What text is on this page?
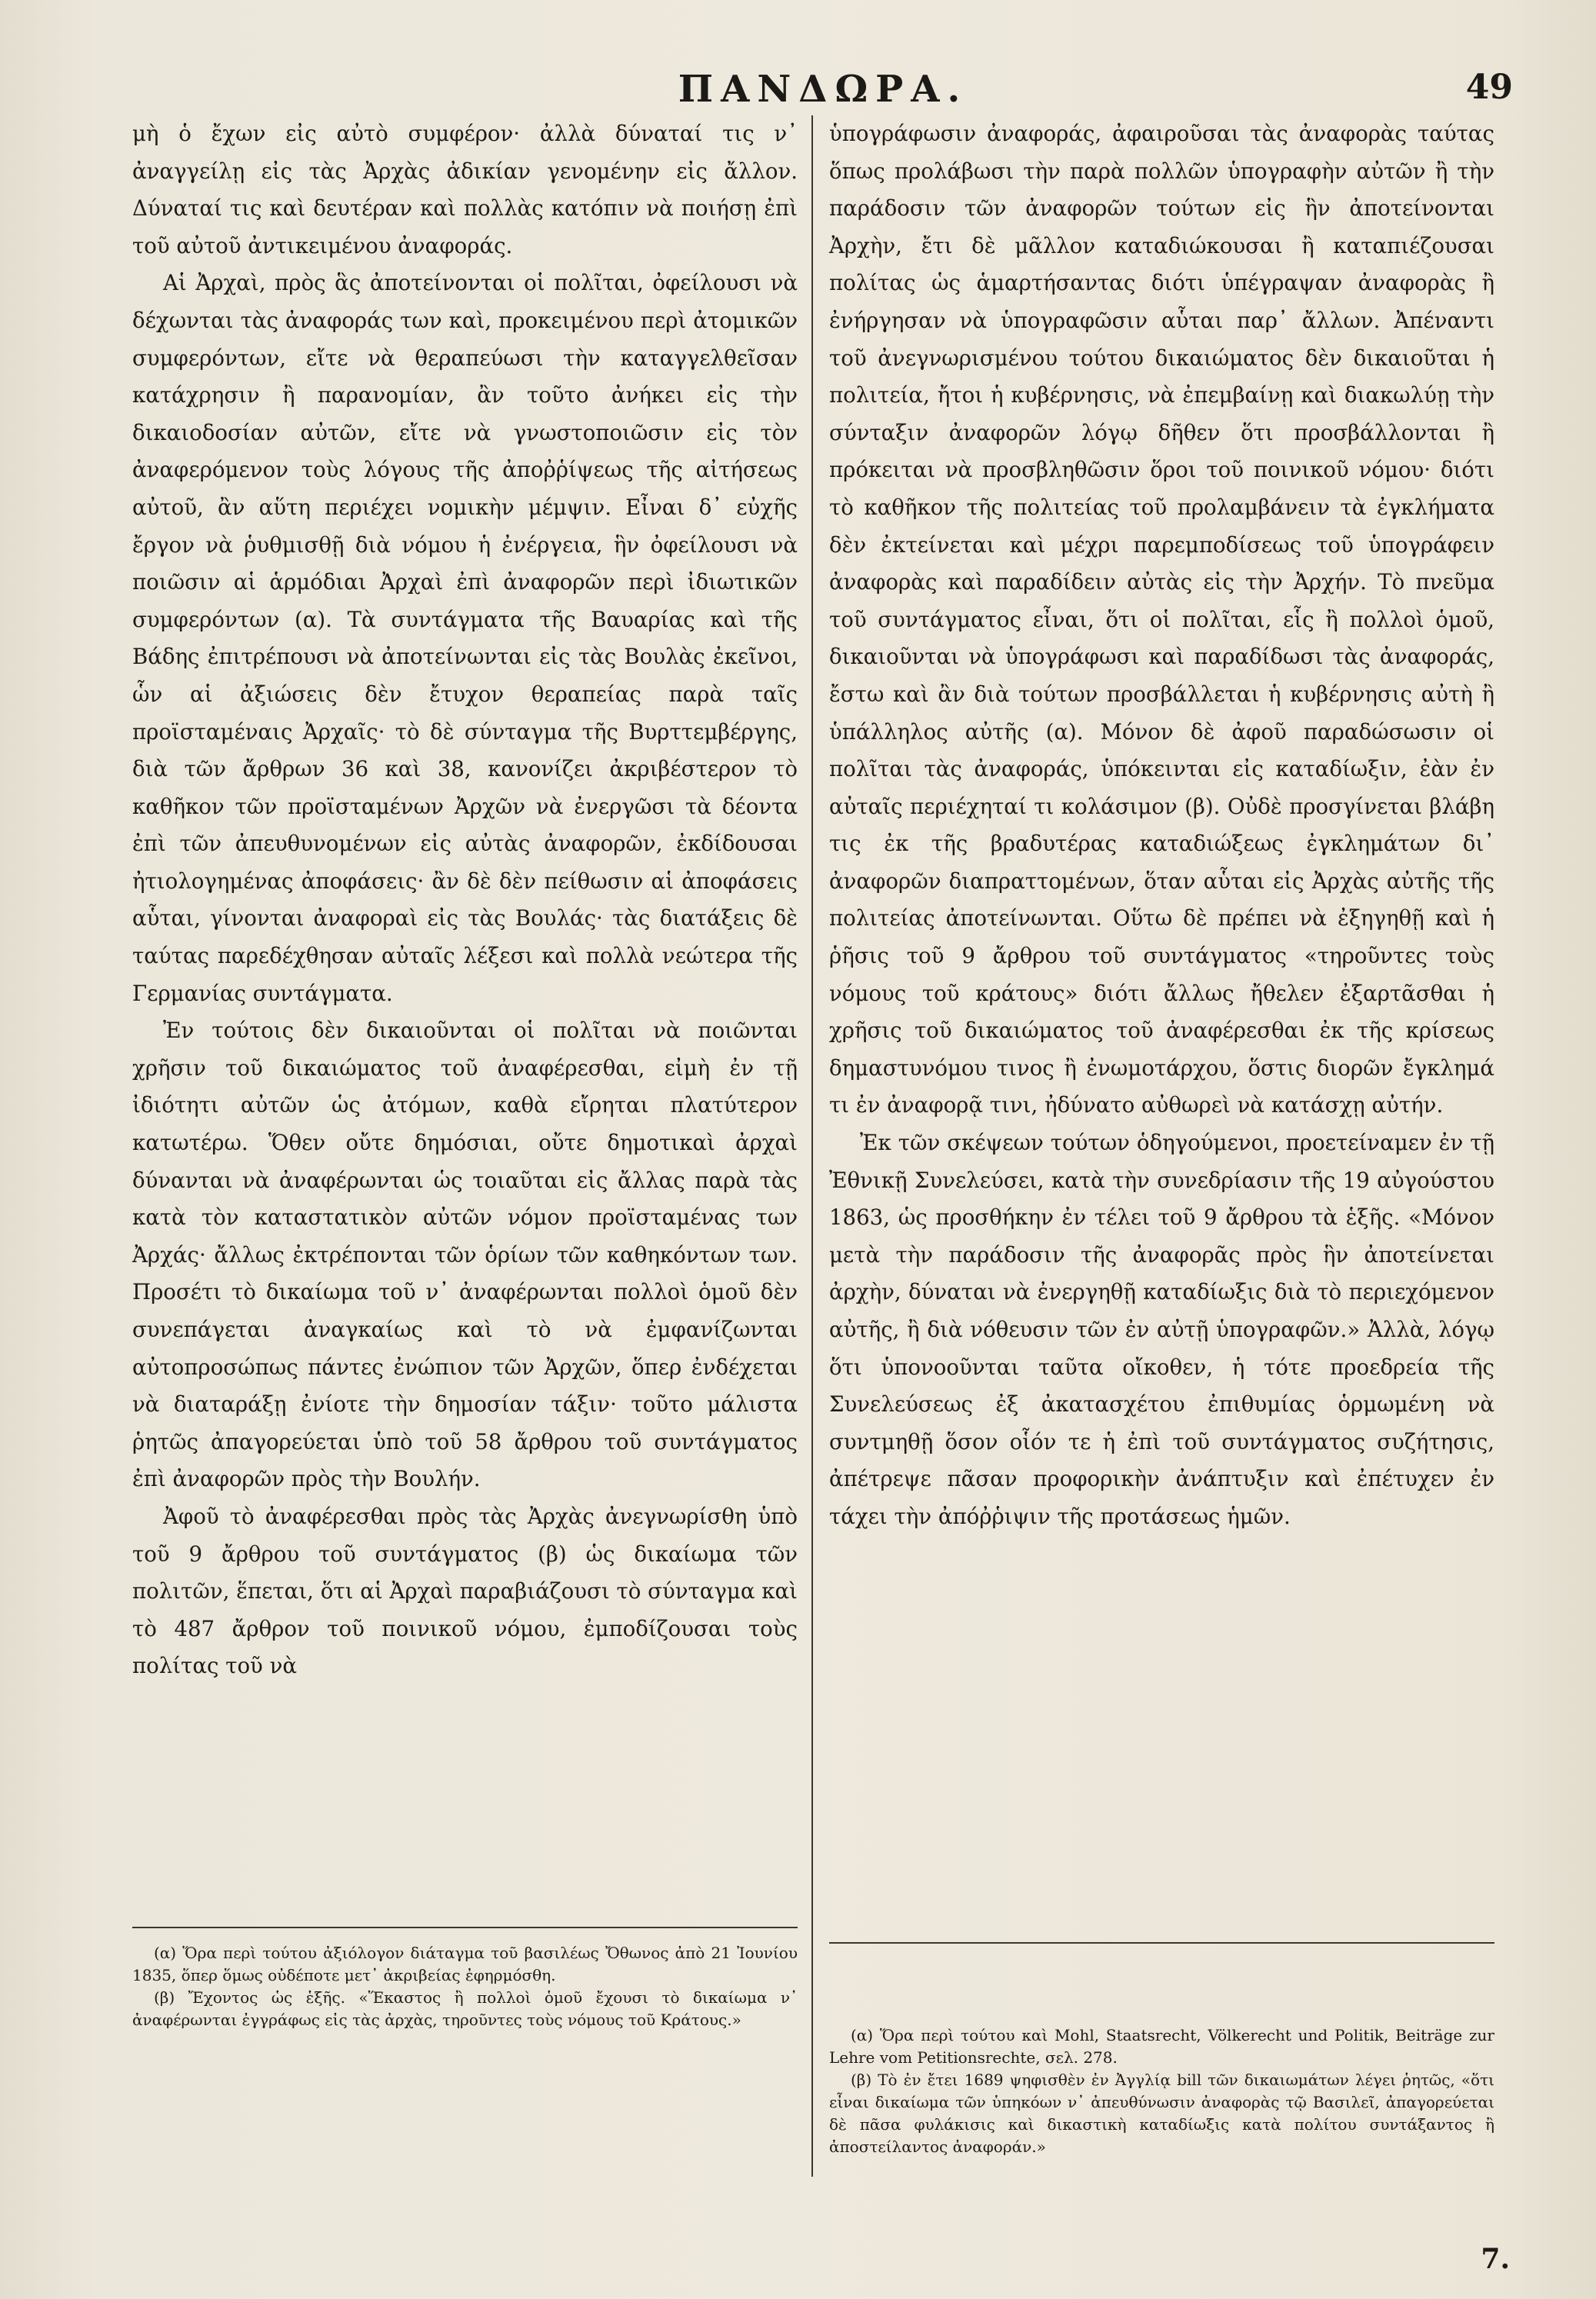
ΠΑΝΔΩΡΑ.	49

μὴ ὁ ἔχων εἰς αὐτὸ συμφέρον· ἀλλὰ δύναταί τις ν᾽ ἀναγγείλῃ εἰς τὰς Ἀρχὰς ἀδικίαν γενομένην εἰς ἄλλον. Δύναταί τις καὶ δευτέραν καὶ πολλὰς κατόπιν νὰ ποιήσῃ ἐπὶ τοῦ αὐτοῦ ἀντικειμένου ἀναφοράς.

Αἱ Ἀρχαὶ, πρὸς ἃς ἀποτείνονται οἱ πολῖται, ὀφείλουσι νὰ δέχωνται τὰς ἀναφοράς των καὶ, προκειμένου περὶ ἀτομικῶν συμφερόντων, εἴτε νὰ θεραπεύωσι τὴν καταγγελθεῖσαν κατάχρησιν ἢ παρανομίαν, ἂν τοῦτο ἀνήκει εἰς τὴν δικαιοδοσίαν αὐτῶν, εἴτε νὰ γνωστοποιῶσιν εἰς τὸν ἀναφερόμενον τοὺς λόγους τῆς ἀποῤῥίψεως τῆς αἰτήσεως αὐτοῦ, ἂν αὕτη περιέχει νομικὴν μέμψιν. Εἶναι δ᾽ εὐχῆς ἔργον νὰ ῥυθμισθῇ διὰ νόμου ἡ ἐνέργεια, ἣν ὀφείλουσι νὰ ποιῶσιν αἱ ἁρμόδιαι Ἀρχαὶ ἐπὶ ἀναφορῶν περὶ ἰδιωτικῶν συμφερόντων (α). Τὰ συντάγματα τῆς Βαυαρίας καὶ τῆς Βάδης ἐπιτρέπουσι νὰ ἀποτείνωνται εἰς τὰς Βουλὰς ἐκεῖνοι, ὧν αἱ ἀξιώσεις δὲν ἔτυχον θεραπείας παρὰ ταῖς προϊσταμέναις Ἀρχαῖς· τὸ δὲ σύνταγμα τῆς Βυρττεμβέργης, διὰ τῶν ἄρθρων 36 καὶ 38, κανονίζει ἀκριβέστερον τὸ καθῆκον τῶν προϊσταμένων Ἀρχῶν νὰ ἐνεργῶσι τὰ δέοντα ἐπὶ τῶν ἀπευθυνομένων εἰς αὐτὰς ἀναφορῶν, ἐκδίδουσαι ἠτιολογημένας ἀποφάσεις· ἂν δὲ δὲν πείθωσιν αἱ ἀποφάσεις αὗται, γίνονται ἀναφοραὶ εἰς τὰς Βουλάς· τὰς διατάξεις δὲ ταύτας παρεδέχθησαν αὐταῖς λέξεσι καὶ πολλὰ νεώτερα τῆς Γερμανίας συντάγματα.

Ἐν τούτοις δὲν δικαιοῦνται οἱ πολῖται νὰ ποιῶνται χρῆσιν τοῦ δικαιώματος τοῦ ἀναφέρεσθαι, εἰμὴ ἐν τῇ ἰδιότητι αὐτῶν ὡς ἀτόμων, καθὰ εἴρηται πλατύτερον κατωτέρω. Ὅθεν οὔτε δημόσιαι, οὔτε δημοτικαὶ ἀρχαὶ δύνανται νὰ ἀναφέρωνται ὡς τοιαῦται εἰς ἄλλας παρὰ τὰς κατὰ τὸν καταστατικὸν αὐτῶν νόμον προϊσταμένας των Ἀρχάς· ἄλλως ἐκτρέπονται τῶν ὁρίων τῶν καθηκόντων των. Προσέτι τὸ δικαίωμα τοῦ ν᾽ ἀναφέρωνται πολλοὶ ὁμοῦ δὲν συνεπάγεται ἀναγκαίως καὶ τὸ νὰ ἐμφανίζωνται αὐτοπροσώπως πάντες ἐνώπιον τῶν Ἀρχῶν, ὅπερ ἐνδέχεται νὰ διαταράξῃ ἐνίοτε τὴν δημοσίαν τάξιν· τοῦτο μάλιστα ῥητῶς ἀπαγορεύεται ὑπὸ τοῦ 58 ἄρθρου τοῦ συντάγματος ἐπὶ ἀναφορῶν πρὸς τὴν Βουλήν.

Ἀφοῦ τὸ ἀναφέρεσθαι πρὸς τὰς Ἀρχὰς ἀνεγνωρίσθη ὑπὸ τοῦ 9 ἄρθρου τοῦ συντάγματος (β) ὡς δικαίωμα τῶν πολιτῶν, ἕπεται, ὅτι αἱ Ἀρχαὶ παραβιάζουσι τὸ σύνταγμα καὶ τὸ 487 ἄρθρον τοῦ ποινικοῦ νόμου, ἐμποδίζουσαι τοὺς πολίτας τοῦ νὰ

ὑπογράφωσιν ἀναφοράς, ἀφαιροῦσαι τὰς ἀναφορὰς ταύτας ὅπως προλάβωσι τὴν παρὰ πολλῶν ὑπογραφὴν αὐτῶν ἢ τὴν παράδοσιν τῶν ἀναφορῶν τούτων εἰς ἣν ἀποτείνονται Ἀρχὴν, ἔτι δὲ μᾶλλον καταδιώκουσαι ἢ καταπιέζουσαι πολίτας ὡς ἁμαρτήσαντας διότι ὑπέγραψαν ἀναφορὰς ἢ ἐνήργησαν νὰ ὑπογραφῶσιν αὗται παρ᾽ ἄλλων. Ἀπέναντι τοῦ ἀνεγνωρισμένου τούτου δικαιώματος δὲν δικαιοῦται ἡ πολιτεία, ἤτοι ἡ κυβέρνησις, νὰ ἐπεμβαίνῃ καὶ διακωλύῃ τὴν σύνταξιν ἀναφορῶν λόγῳ δῆθεν ὅτι προσβάλλονται ἢ πρόκειται νὰ προσβληθῶσιν ὅροι τοῦ ποινικοῦ νόμου· διότι τὸ καθῆκον τῆς πολιτείας τοῦ προλαμβάνειν τὰ ἐγκλήματα δὲν ἐκτείνεται καὶ μέχρι παρεμποδίσεως τοῦ ὑπογράφειν ἀναφορὰς καὶ παραδίδειν αὐτὰς εἰς τὴν Ἀρχήν. Τὸ πνεῦμα τοῦ συντάγματος εἶναι, ὅτι οἱ πολῖται, εἷς ἢ πολλοὶ ὁμοῦ, δικαιοῦνται νὰ ὑπογράφωσι καὶ παραδίδωσι τὰς ἀναφοράς, ἔστω καὶ ἂν διὰ τούτων προσβάλλεται ἡ κυβέρνησις αὐτὴ ἢ ὑπάλληλος αὐτῆς (α). Μόνον δὲ ἀφοῦ παραδώσωσιν οἱ πολῖται τὰς ἀναφοράς, ὑπόκεινται εἰς καταδίωξιν, ἐὰν ἐν αὐταῖς περιέχηταί τι κολάσιμον (β). Οὐδὲ προσγίνεται βλάβη τις ἐκ τῆς βραδυτέρας καταδιώξεως ἐγκλημάτων δι᾽ ἀναφορῶν διαπραττομένων, ὅταν αὗται εἰς Ἀρχὰς αὐτῆς τῆς πολιτείας ἀποτείνωνται. Οὕτω δὲ πρέπει νὰ ἐξηγηθῇ καὶ ἡ ῥῆσις τοῦ 9 ἄρθρου τοῦ συντάγματος «τηροῦντες τοὺς νόμους τοῦ κράτους» διότι ἄλλως ἤθελεν ἐξαρτᾶσθαι ἡ χρῆσις τοῦ δικαιώματος τοῦ ἀναφέρεσθαι ἐκ τῆς κρίσεως δημαστυνόμου τινος ἢ ἐνωμοτάρχου, ὅστις διορῶν ἔγκλημά τι ἐν ἀναφορᾷ τινι, ἠδύνατο αὐθωρεὶ νὰ κατάσχῃ αὐτήν.

Ἐκ τῶν σκέψεων τούτων ὁδηγούμενοι, προετείναμεν ἐν τῇ Ἐθνικῇ Συνελεύσει, κατὰ τὴν συνεδρίασιν τῆς 19 αὐγούστου 1863, ὡς προσθήκην ἐν τέλει τοῦ 9 ἄρθρου τὰ ἑξῆς. «Μόνον μετὰ τὴν παράδοσιν τῆς ἀναφορᾶς πρὸς ἣν ἀποτείνεται ἀρχὴν, δύναται νὰ ἐνεργηθῇ καταδίωξις διὰ τὸ περιεχόμενον αὐτῆς, ἢ διὰ νόθευσιν τῶν ἐν αὐτῇ ὑπογραφῶν.» Ἀλλὰ, λόγῳ ὅτι ὑπονοοῦνται ταῦτα οἴκοθεν, ἡ τότε προεδρεία τῆς Συνελεύσεως ἐξ ἀκατασχέτου ἐπιθυμίας ὁρμωμένη νὰ συντμηθῇ ὅσον οἷόν τε ἡ ἐπὶ τοῦ συντάγματος συζήτησις, ἀπέτρεψε πᾶσαν προφορικὴν ἀνάπτυξιν καὶ ἐπέτυχεν ἐν τάχει τὴν ἀπόῤῥιψιν τῆς προτάσεως ἡμῶν.

(α) Ὅρα περὶ τούτου ἀξιόλογον διάταγμα τοῦ βασιλέως Ὄθωνος ἀπὸ 21 Ἰουνίου 1835, ὅπερ ὅμως οὐδέποτε μετ᾽ ἀκριβείας ἐφηρμόσθη.

(β) Ἔχοντος ὡς ἑξῆς. «Ἕκαστος ἢ πολλοὶ ὁμοῦ ἔχουσι τὸ δικαίωμα ν᾽ ἀναφέρωνται ἐγγράφως εἰς τὰς ἀρχὰς, τηροῦντες τοὺς νόμους τοῦ Κράτους.»

(α) Ὅρα περὶ τούτου καὶ Mohl, Staatsrecht, Völkerecht und Politik, Beiträge zur Lehre vom Petitionsrechte, σελ. 278.

(β) Τὸ ἐν ἔτει 1689 ψηφισθὲν ἐν Ἀγγλίᾳ bill τῶν δικαιωμάτων λέγει ῥητῶς, «ὅτι εἶναι δικαίωμα τῶν ὑπηκόων ν᾽ ἀπευθύνωσιν ἀναφορὰς τῷ Βασιλεῖ, ἀπαγορεύεται δὲ πᾶσα φυλάκισις καὶ δικαστικὴ καταδίωξις κατὰ πολίτου συντάξαντος ἢ ἀποστείλαντος ἀναφοράν.»

7.
